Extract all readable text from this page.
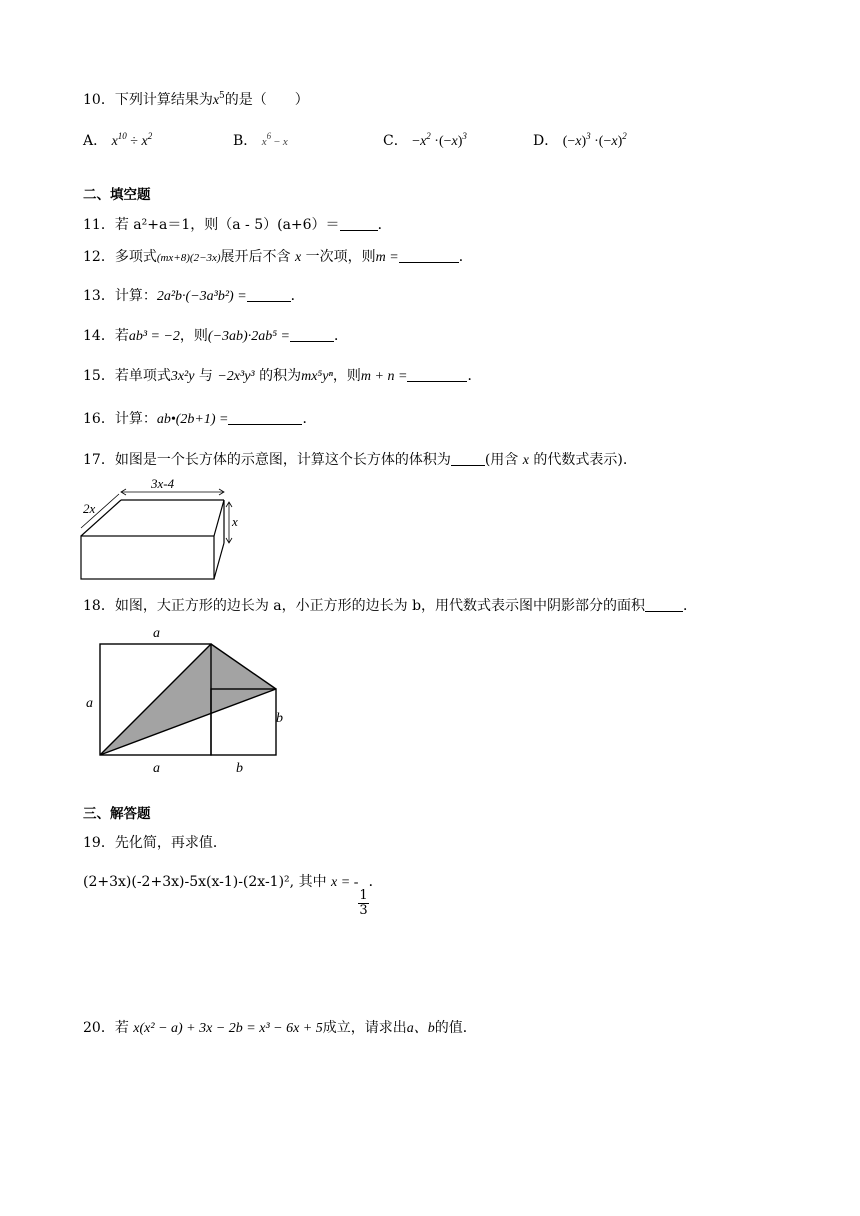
10．下列计算结果为$x^5$的是（　　）
A． $x^{10} \div x^2$	B． $x^6 - x$	C． $-x^2 \cdot(-x)^3$	D． $(-x)^3 \cdot(-x)^2$
二、填空题
11．若 a²+a＝1，则（a - 5）(a+6）＝	．
12．多项式(mx+8)(2−3x)展开后不含 x 一次项，则m =	．
13．计算：2a²b·(−3a³b²) =	．
14．若ab³ = −2，则(−3ab)·2ab⁵ =	．
15．若单项式3x²y 与 −2x³y³ 的积为mx⁵yⁿ，则m + n =	．
16．计算：ab•(2b+1) =	．
17．如图是一个长方体的示意图，计算这个长方体的体积为 (用含 x 的代数式表示).
3x-4
2x
x
18．如图，大正方形的边长为 a，小正方形的边长为 b，用代数式表示图中阴影部分的面积	．
a
a
a	b
b
三、解答题
19．先化简，再求值．
(2+3x)(-2+3x)-5x(x-1)-(2x-1)², 其中 x = -
$\frac{1}{3}$
．
20．若 x(x² − a) + 3x − 2b = x³ − 6x + 5成立，请求出a、b的值．
